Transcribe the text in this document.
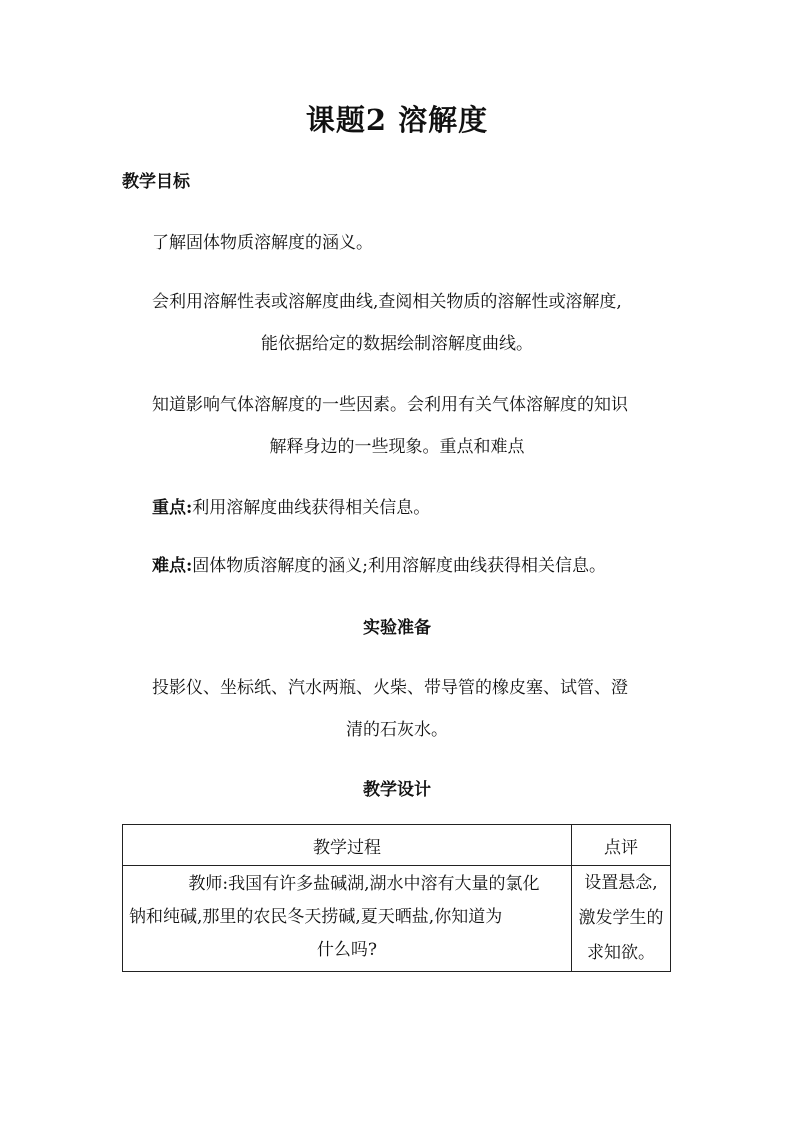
课题2 溶解度
教学目标
了解固体物质溶解度的涵义。
会利用溶解性表或溶解度曲线,查阅相关物质的溶解性或溶解度,
能依据给定的数据绘制溶解度曲线。
知道影响气体溶解度的一些因素。会利用有关气体溶解度的知识
解释身边的一些现象。重点和难点
重点:利用溶解度曲线获得相关信息。
难点:固体物质溶解度的涵义;利用溶解度曲线获得相关信息。
实验准备
投影仪、坐标纸、汽水两瓶、火柴、带导管的橡皮塞、试管、澄
清的石灰水。
教学设计
教学过程	点评

教师:我国有许多盐碱湖,湖水中溶有大量的氯化
钠和纯碱,那里的农民冬天捞碱,夏天晒盐,你知道为
什么吗?	设置悬念,
激发学生的
求知欲。
